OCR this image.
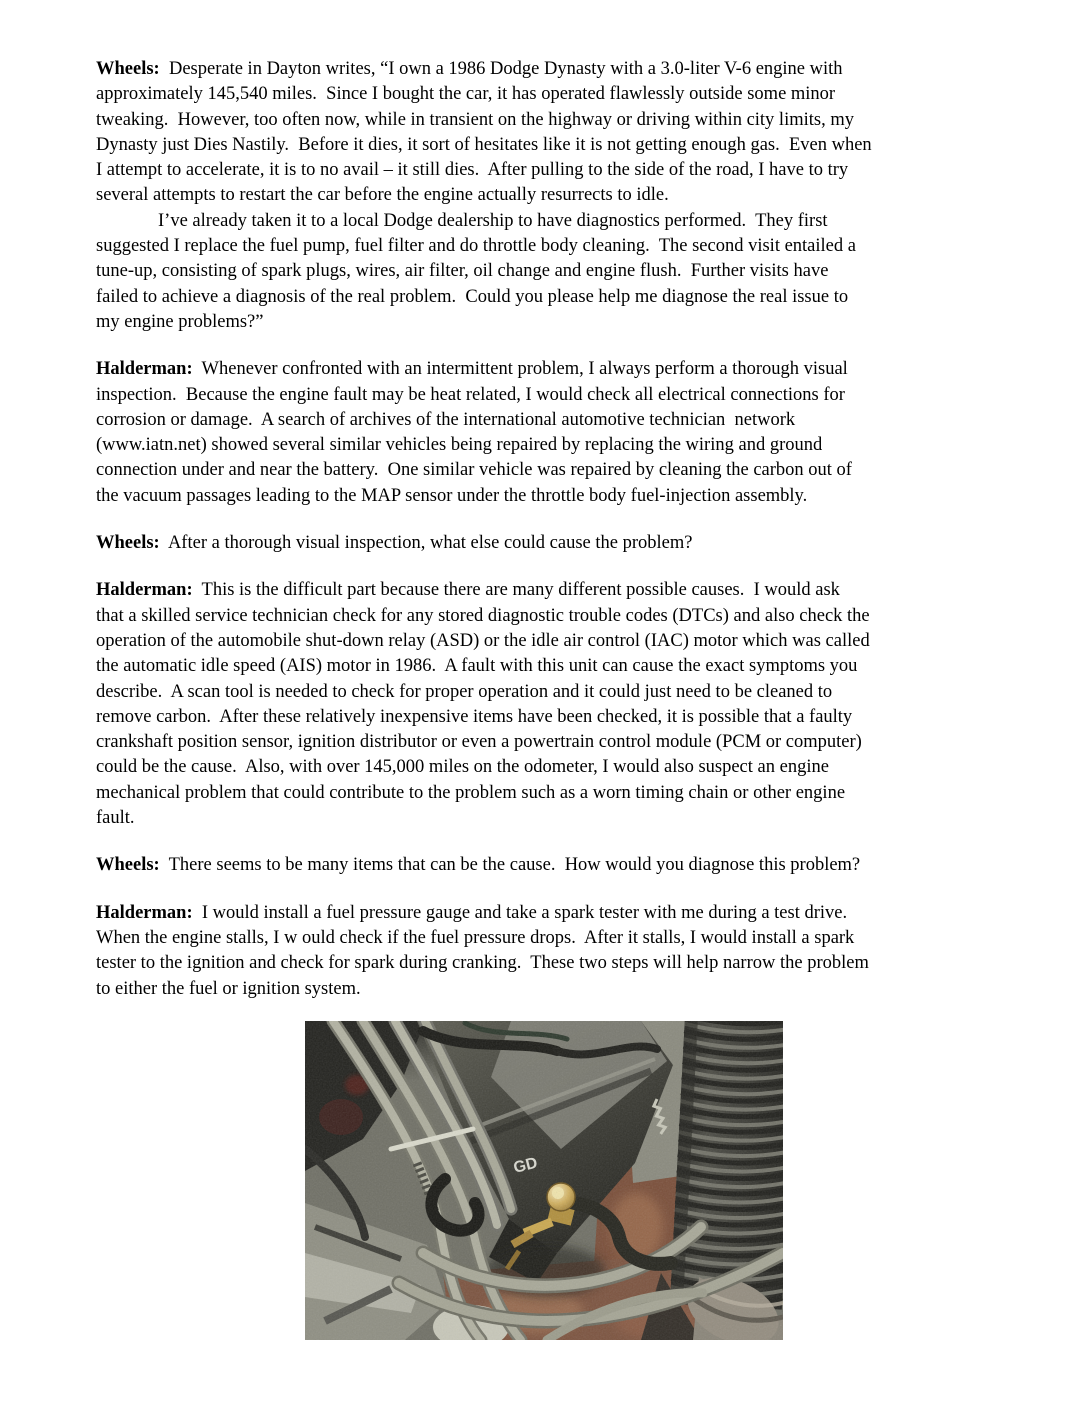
Wheels:  Desperate in Dayton writes, “I own a 1986 Dodge Dynasty with a 3.0-liter V-6 engine with
approximately 145,540 miles.  Since I bought the car, it has operated flawlessly outside some minor
tweaking.  However, too often now, while in transient on the highway or driving within city limits, my
Dynasty just Dies Nastily.  Before it dies, it sort of hesitates like it is not getting enough gas.  Even when
I attempt to accelerate, it is to no avail – it still dies.  After pulling to the side of the road, I have to try
several attempts to restart the car before the engine actually resurrects to idle.
I’ve already taken it to a local Dodge dealership to have diagnostics performed.  They first
suggested I replace the fuel pump, fuel filter and do throttle body cleaning.  The second visit entailed a
tune-up, consisting of spark plugs, wires, air filter, oil change and engine flush.  Further visits have
failed to achieve a diagnosis of the real problem.  Could you please help me diagnose the real issue to
my engine problems?”
Halderman:  Whenever confronted with an intermittent problem, I always perform a thorough visual
inspection.  Because the engine fault may be heat related, I would check all electrical connections for
corrosion or damage.  A search of archives of the international automotive technician  network
(www.iatn.net) showed several similar vehicles being repaired by replacing the wiring and ground
connection under and near the battery.  One similar vehicle was repaired by cleaning the carbon out of
the vacuum passages leading to the MAP sensor under the throttle body fuel-injection assembly.
Wheels:  After a thorough visual inspection, what else could cause the problem?
Halderman:  This is the difficult part because there are many different possible causes.  I would ask
that a skilled service technician check for any stored diagnostic trouble codes (DTCs) and also check the
operation of the automobile shut-down relay (ASD) or the idle air control (IAC) motor which was called
the automatic idle speed (AIS) motor in 1986.  A fault with this unit can cause the exact symptoms you
describe.  A scan tool is needed to check for proper operation and it could just need to be cleaned to
remove carbon.  After these relatively inexpensive items have been checked, it is possible that a faulty
crankshaft position sensor, ignition distributor or even a powertrain control module (PCM or computer)
could be the cause.  Also, with over 145,000 miles on the odometer, I would also suspect an engine
mechanical problem that could contribute to the problem such as a worn timing chain or other engine
fault.
Wheels:  There seems to be many items that can be the cause.  How would you diagnose this problem?
Halderman:  I would install a fuel pressure gauge and take a spark tester with me during a test drive.
When the engine stalls, I w ould check if the fuel pressure drops.  After it stalls, I would install a spark
tester to the ignition and check for spark during cranking.  These two steps will help narrow the problem
to either the fuel or ignition system.
GD
